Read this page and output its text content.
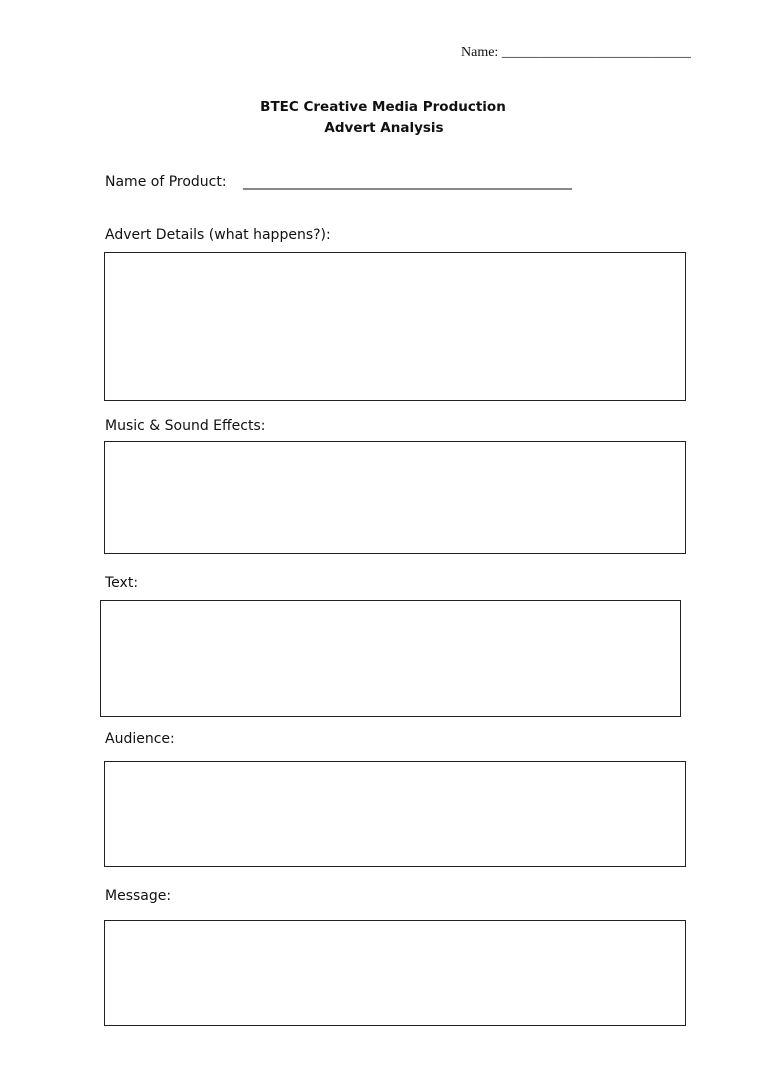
Name: ___________________________
BTEC Creative Media Production
Advert Analysis
Name of Product: _______________________________________________
Advert Details (what happens?):
Music & Sound Effects:
Text:
Audience:
Message:
